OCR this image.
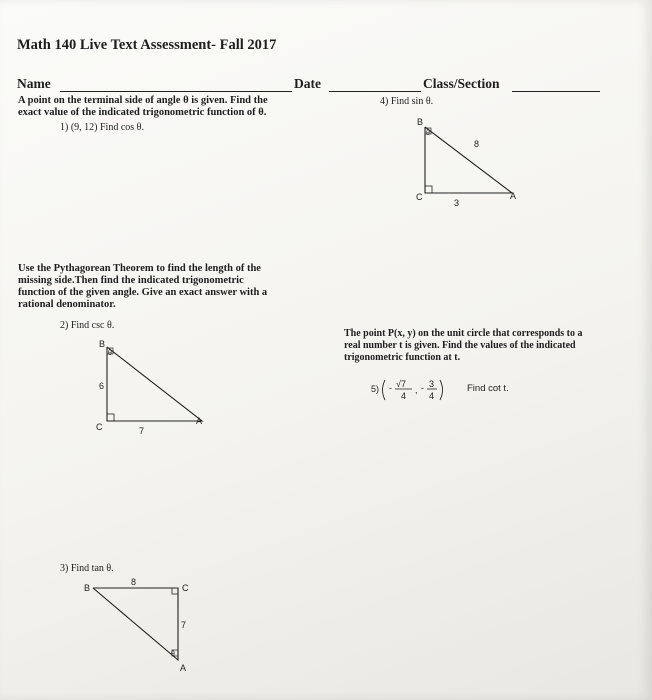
Math 140 Live Text Assessment- Fall 2017
Name	Date	Class/Section
A point on the terminal side of angle θ is given. Find the
exact value of the indicated trigonometric function of θ.
1) (9, 12) Find cos θ.
4) Find sin θ.
Use the Pythagorean Theorem to find the length of the
missing side.Then find the indicated trigonometric
function of the given angle. Give an exact answer with a
rational denominator.
2) Find csc θ.
The point P(x, y) on the unit circle that corresponds to a
real number t is given. Find the values of the indicated
trigonometric function at t.
3) Find tan θ.
B
θ
8
C	A
3
B
θ
6
C
A
7
5) - √7
4
, - 3
4
Find cot t.
B
8
C
7
θ
A
